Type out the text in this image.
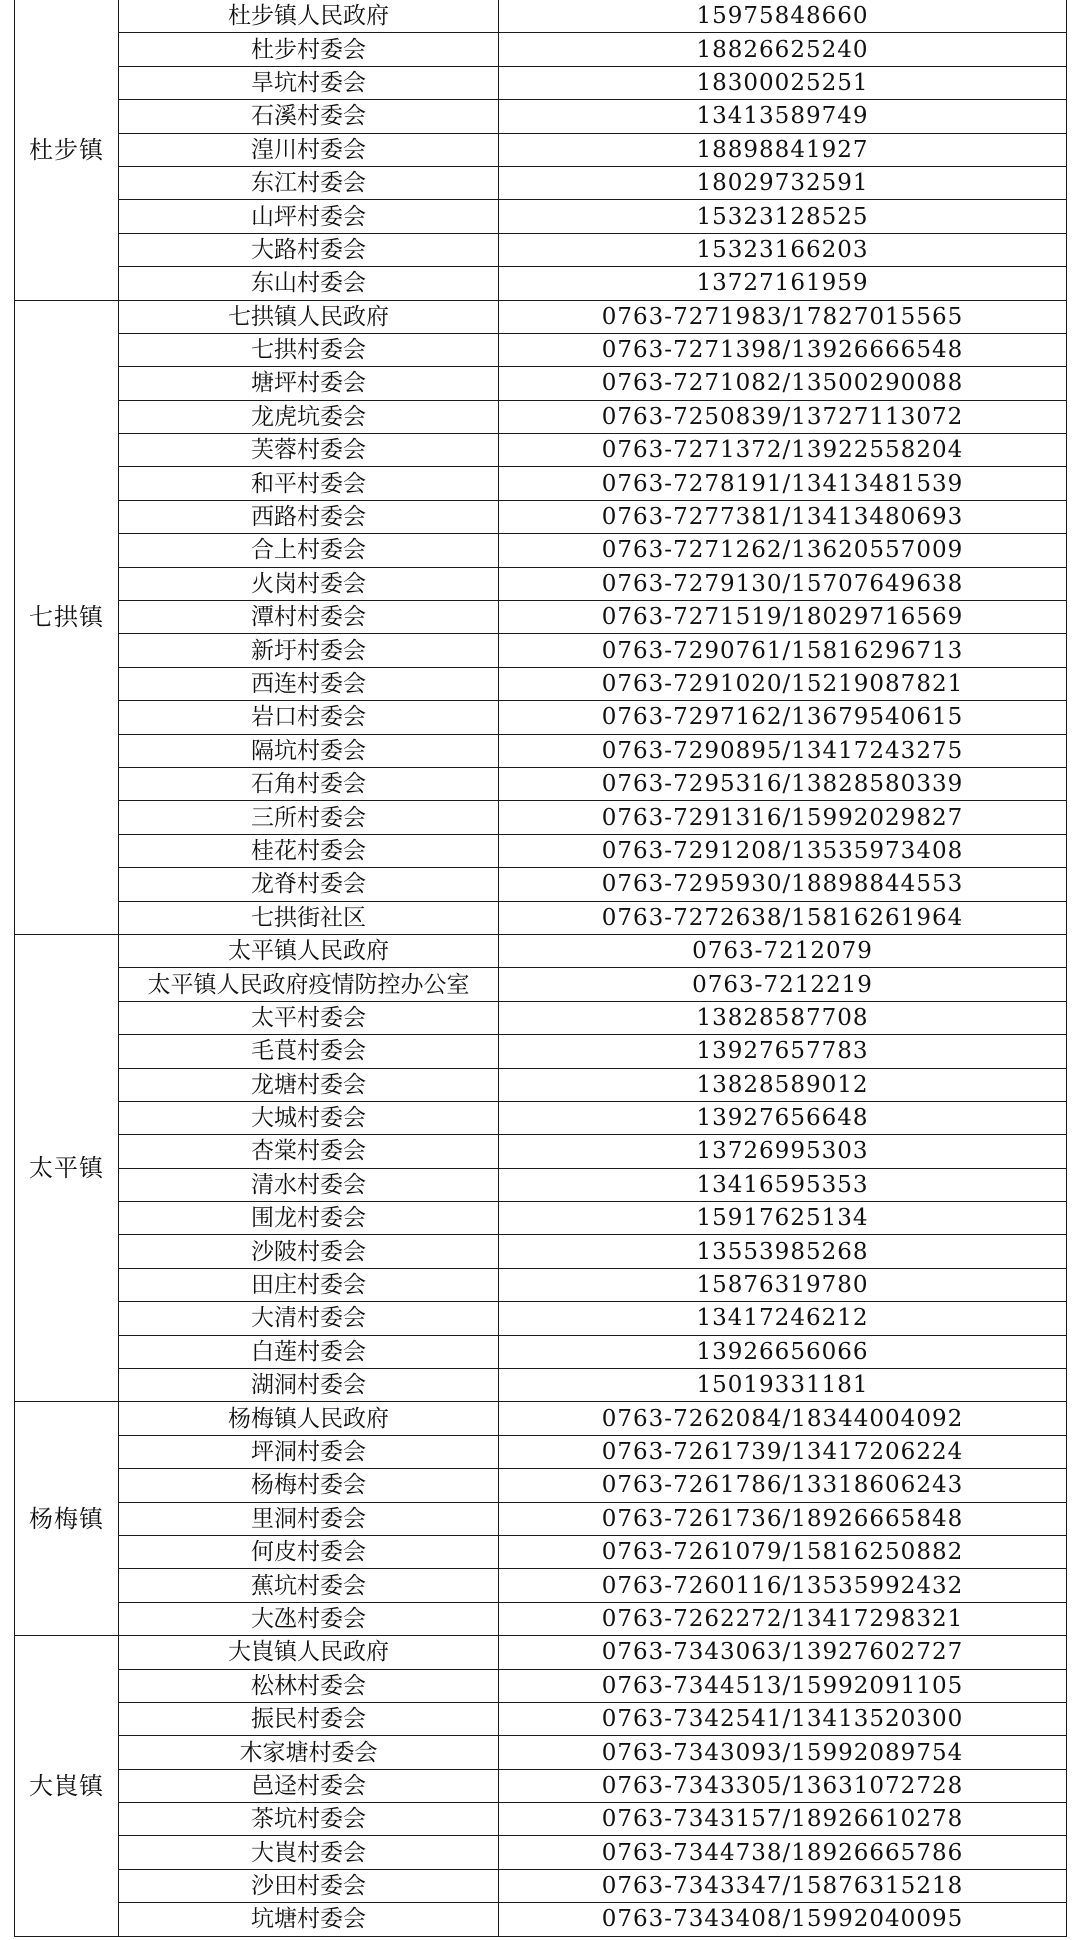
杜步镇	杜步镇人民政府	15975848660
	杜步村委会	18826625240
	旱坑村委会	18300025251
	石溪村委会	13413589749
	湟川村委会	18898841927
	东江村委会	18029732591
	山坪村委会	15323128525
	大路村委会	15323166203
	东山村委会	13727161959
七拱镇	七拱镇人民政府	0763-7271983/17827015565
	七拱村委会	0763-7271398/13926666548
	塘坪村委会	0763-7271082/13500290088
	龙虎坑委会	0763-7250839/13727113072
	芙蓉村委会	0763-7271372/13922558204
	和平村委会	0763-7278191/13413481539
	西路村委会	0763-7277381/13413480693
	合上村委会	0763-7271262/13620557009
	火岗村委会	0763-7279130/15707649638
	潭村村委会	0763-7271519/18029716569
	新圩村委会	0763-7290761/15816296713
	西连村委会	0763-7291020/15219087821
	岩口村委会	0763-7297162/13679540615
	隔坑村委会	0763-7290895/13417243275
	石角村委会	0763-7295316/13828580339
	三所村委会	0763-7291316/15992029827
	桂花村委会	0763-7291208/13535973408
	龙脊村委会	0763-7295930/18898844553
	七拱街社区	0763-7272638/15816261964
太平镇	太平镇人民政府	0763-7212079
	太平镇人民政府疫情防控办公室	0763-7212219
	太平村委会	13828587708
	毛茛村委会	13927657783
	龙塘村委会	13828589012
	大城村委会	13927656648
	杏棠村委会	13726995303
	清水村委会	13416595353
	围龙村委会	15917625134
	沙陂村委会	13553985268
	田庄村委会	15876319780
	大清村委会	13417246212
	白莲村委会	13926656066
	湖洞村委会	15019331181
杨梅镇	杨梅镇人民政府	0763-7262084/18344004092
	坪洞村委会	0763-7261739/13417206224
	杨梅村委会	0763-7261786/13318606243
	里洞村委会	0763-7261736/18926665848
	何皮村委会	0763-7261079/15816250882
	蕉坑村委会	0763-7260116/13535992432
	大氹村委会	0763-7262272/13417298321
大崀镇	大崀镇人民政府	0763-7343063/13927602727
	松林村委会	0763-7344513/15992091105
	振民村委会	0763-7342541/13413520300
	木家塘村委会	0763-7343093/15992089754
	邑迳村委会	0763-7343305/13631072728
	茶坑村委会	0763-7343157/18926610278
	大崀村委会	0763-7344738/18926665786
	沙田村委会	0763-7343347/15876315218
	坑塘村委会	0763-7343408/15992040095
